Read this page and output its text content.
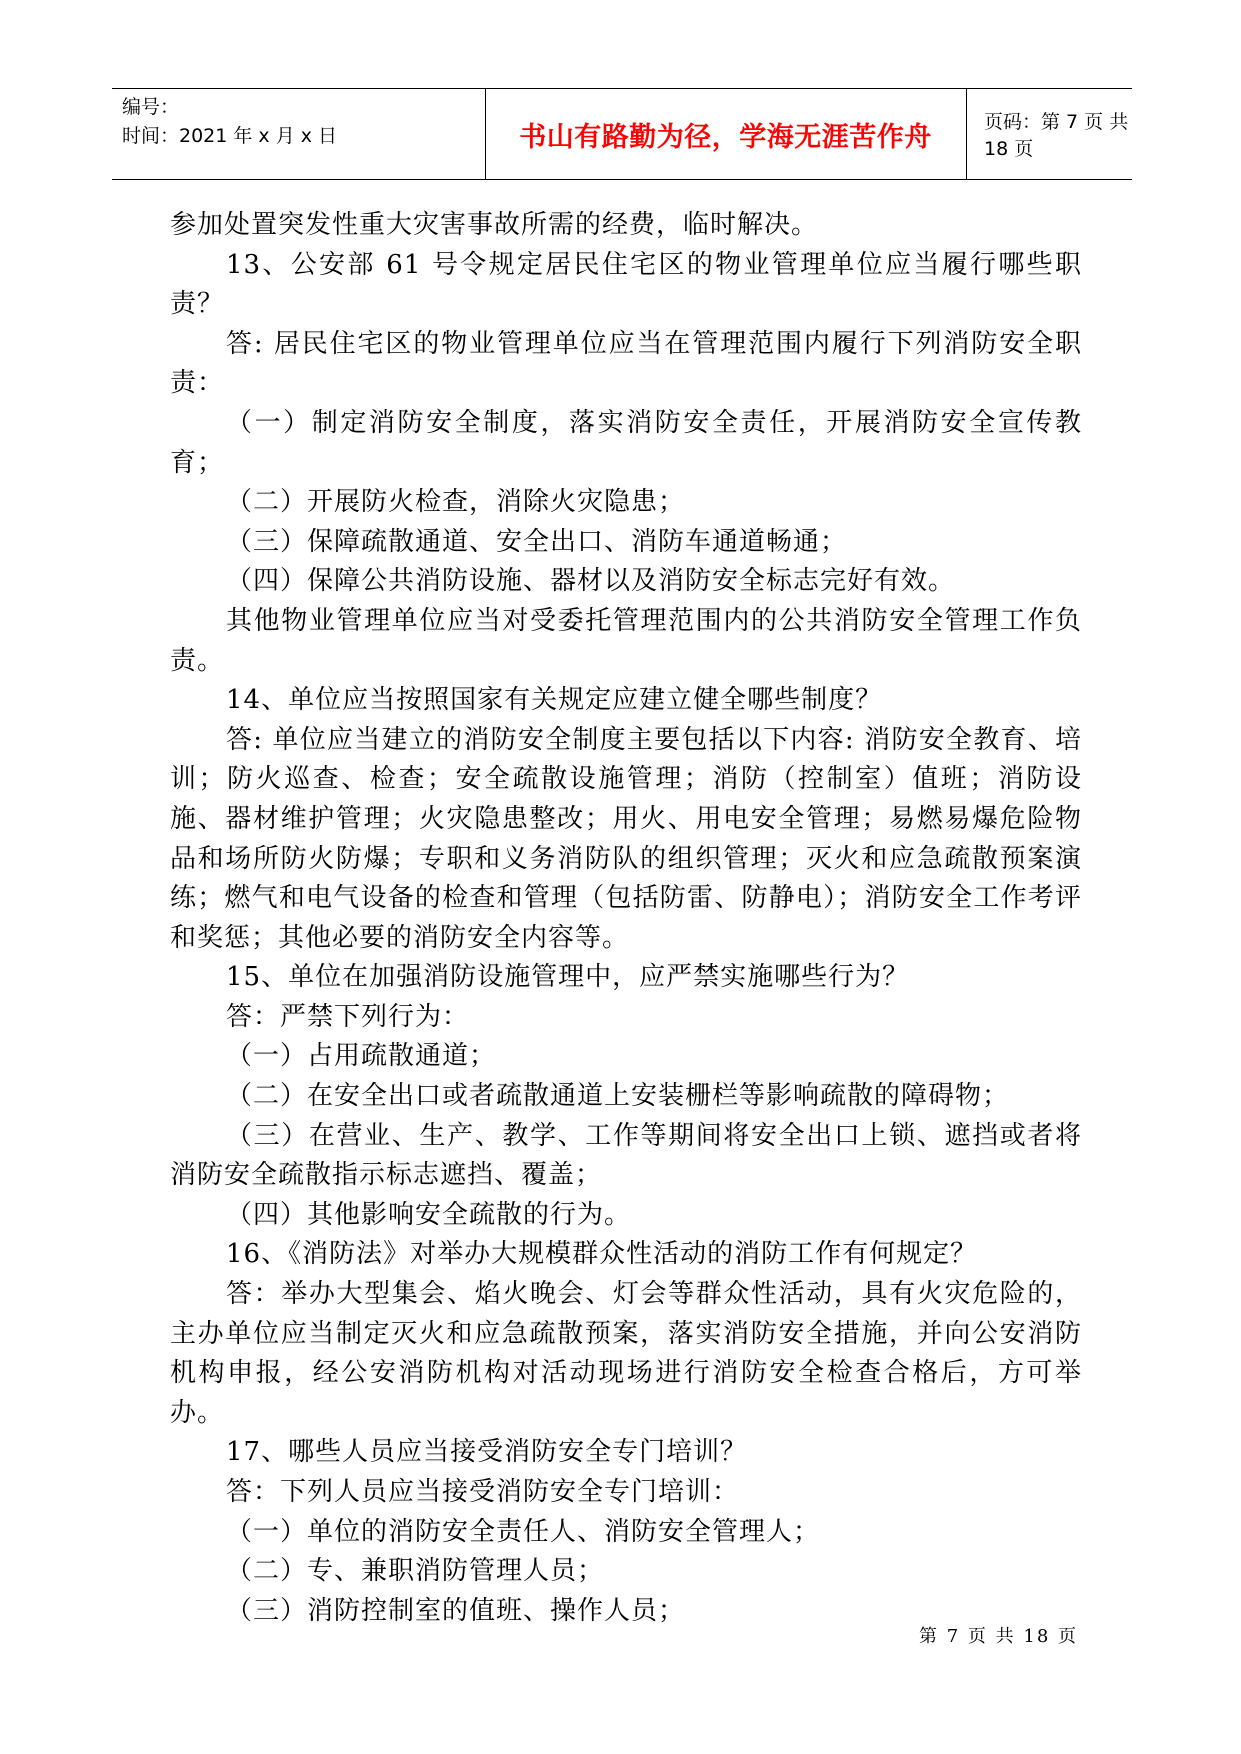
编号：
时间：2021 年 x 月 x 日	书山有路勤为径，学海无涯苦作舟	页码：第 7 页 共 18 页

参加处置突发性重大灾害事故所需的经费，临时解决。

13、公安部 61 号令规定居民住宅区的物业管理单位应当履行哪些职责？

答: 居民住宅区的物业管理单位应当在管理范围内履行下列消防安全职责：

（一）制定消防安全制度，落实消防安全责任，开展消防安全宣传教育；

（二）开展防火检查，消除火灾隐患；

（三）保障疏散通道、安全出口、消防车通道畅通；

（四）保障公共消防设施、器材以及消防安全标志完好有效。

其他物业管理单位应当对受委托管理范围内的公共消防安全管理工作负责。

14、单位应当按照国家有关规定应建立健全哪些制度？

答: 单位应当建立的消防安全制度主要包括以下内容: 消防安全教育、培训；防火巡查、检查；安全疏散设施管理；消防（控制室）值班；消防设施、器材维护管理；火灾隐患整改；用火、用电安全管理；易燃易爆危险物品和场所防火防爆；专职和义务消防队的组织管理；灭火和应急疏散预案演练；燃气和电气设备的检查和管理（包括防雷、防静电）；消防安全工作考评和奖惩；其他必要的消防安全内容等。

15、单位在加强消防设施管理中，应严禁实施哪些行为？

答：严禁下列行为：

（一）占用疏散通道；

（二）在安全出口或者疏散通道上安装栅栏等影响疏散的障碍物；

（三）在营业、生产、教学、工作等期间将安全出口上锁、遮挡或者将消防安全疏散指示标志遮挡、覆盖；

（四）其他影响安全疏散的行为。

16、《消防法》对举办大规模群众性活动的消防工作有何规定？

答：举办大型集会、焰火晚会、灯会等群众性活动，具有火灾危险的，主办单位应当制定灭火和应急疏散预案，落实消防安全措施，并向公安消防机构申报，经公安消防机构对活动现场进行消防安全检查合格后，方可举办。

17、哪些人员应当接受消防安全专门培训？

答：下列人员应当接受消防安全专门培训：

（一）单位的消防安全责任人、消防安全管理人；

（二）专、兼职消防管理人员；

（三）消防控制室的值班、操作人员；

第 7 页 共 18 页
